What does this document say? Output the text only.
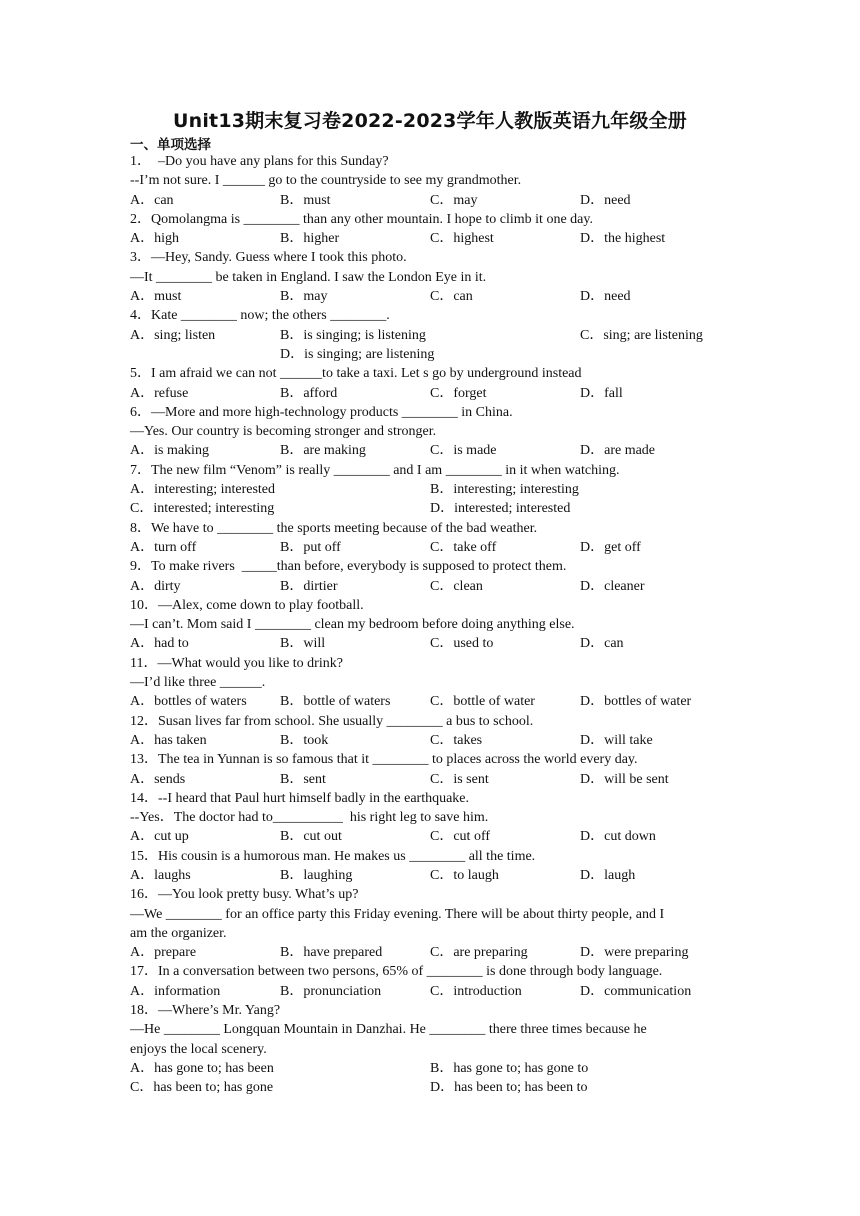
Unit13期末复习卷2022-2023学年人教版英语九年级全册
一、单项选择
1．  –Do you have any plans for this Sunday?
--I’m not sure. I ______ go to the countryside to see my grandmother.
A．can	B．must	C．may	D．need
2．Qomolangma is ________ than any other mountain. I hope to climb it one day.
A．high	B．higher	C．highest	D．the highest
3．—Hey, Sandy. Guess where I took this photo.
—It ________ be taken in England. I saw the London Eye in it.
A．must	B．may	C．can	D．need
4．Kate ________ now; the others ________.
A．sing; listen	B．is singing; is listening	C．sing; are listening
D．is singing; are listening
5．I am afraid we can not ______to take a taxi. Let s go by underground instead
A．refuse	B．afford	C．forget	D．fall
6．—More and more high-technology products ________ in China.
—Yes. Our country is becoming stronger and stronger.
A．is making	B．are making	C．is made	D．are made
7．The new film “Venom” is really ________ and I am ________ in it when watching.
A．interesting; interested	B．interesting; interesting
C．interested; interesting	D．interested; interested
8．We have to ________ the sports meeting because of the bad weather.
A．turn off	B．put off	C．take off	D．get off
9．To make rivers  _____than before, everybody is supposed to protect them.
A．dirty	B．dirtier	C．clean	D．cleaner
10．—Alex, come down to play football.
—I can’t. Mom said I ________ clean my bedroom before doing anything else.
A．had to	B．will	C．used to	D．can
11．—What would you like to drink?
—I’d like three ______.
A．bottles of waters B．bottle of waters	C．bottle of water	D．bottles of water
12．Susan lives far from school. She usually ________ a bus to school.
A．has taken	B．took	C．takes	D．will take
13．The tea in Yunnan is so famous that it ________ to places across the world every day.
A．sends	B．sent	C．is sent	D．will be sent
14．--I heard that Paul hurt himself badly in the earthquake.
--Yes．The doctor had to__________  his right leg to save him.
A．cut up	B．cut out	C．cut off	D．cut down
15．His cousin is a humorous man. He makes us ________ all the time.
A．laughs	B．laughing	C．to laugh	D．laugh
16．—You look pretty busy. What’s up?
—We ________ for an office party this Friday evening. There will be about thirty people, and I
am the organizer.
A．prepare	B．have prepared	C．are preparing	D．were preparing
17．In a conversation between two persons, 65% of ________ is done through body language.
A．information	B．pronunciation	C．introduction	D．communication
18．—Where’s Mr. Yang?
—He ________ Longquan Mountain in Danzhai. He ________ there three times because he
enjoys the local scenery.
A．has gone to; has been	B．has gone to; has gone to
C．has been to; has gone	D．has been to; has been to
